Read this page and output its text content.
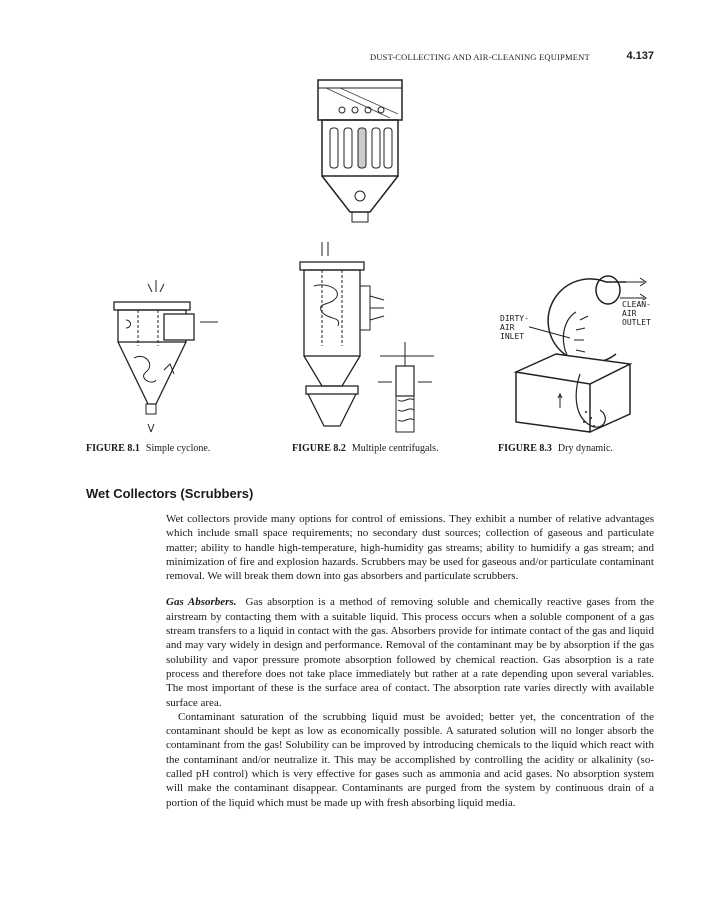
DUST-COLLECTING AND AIR-CLEANING EQUIPMENT	4.137
DIRTY-
AIR
INLET
CLEAN-
AIR
OUTLET
FIGURE 8.1 Simple cyclone.	FIGURE 8.2 Multiple centrifugals.	FIGURE 8.3 Dry dynamic.
Wet Collectors (Scrubbers)

Wet collectors provide many options for control of emissions. They exhibit a number of relative advantages which include small space requirements; no secondary dust sources; collection of gaseous and particulate matter; ability to handle high-temperature, high-humidity gas streams; ability to humidify a gas stream; and minimization of fire and explosion hazards. Scrubbers may be used for gaseous and/or particulate contaminant removal. We will break them down into gas absorbers and particulate scrubbers.

Gas Absorbers. Gas absorption is a method of removing soluble and chemically reactive gases from the airstream by contacting them with a suitable liquid. This process occurs when a soluble component of a gas stream transfers to a liquid in contact with the gas. Absorbers provide for intimate contact of the gas and liquid and may vary widely in design and performance. Removal of the contaminant may be by absorption if the gas solubility and vapor pressure promote absorption followed by chemical reaction. Gas absorption is a rate process and therefore does not take place immediately but rather at a rate depending upon several variables. The most important of these is the surface area of contact. The absorption rate varies directly with available surface area.

Contaminant saturation of the scrubbing liquid must be avoided; better yet, the concentration of the contaminant should be kept as low as economically possible. A saturated solution will no longer absorb the contaminant from the gas! Solubility can be improved by introducing chemicals to the liquid which react with the contaminant and/or neutralize it. This may be accomplished by controlling the acidity or alkalinity (so-called pH control) which is very effective for gases such as ammonia and acid gases. No absorption system will make the contaminant disappear. Contaminants are purged from the system by continuous drain of a portion of the liquid which must be made up with fresh absorbing liquid media.
